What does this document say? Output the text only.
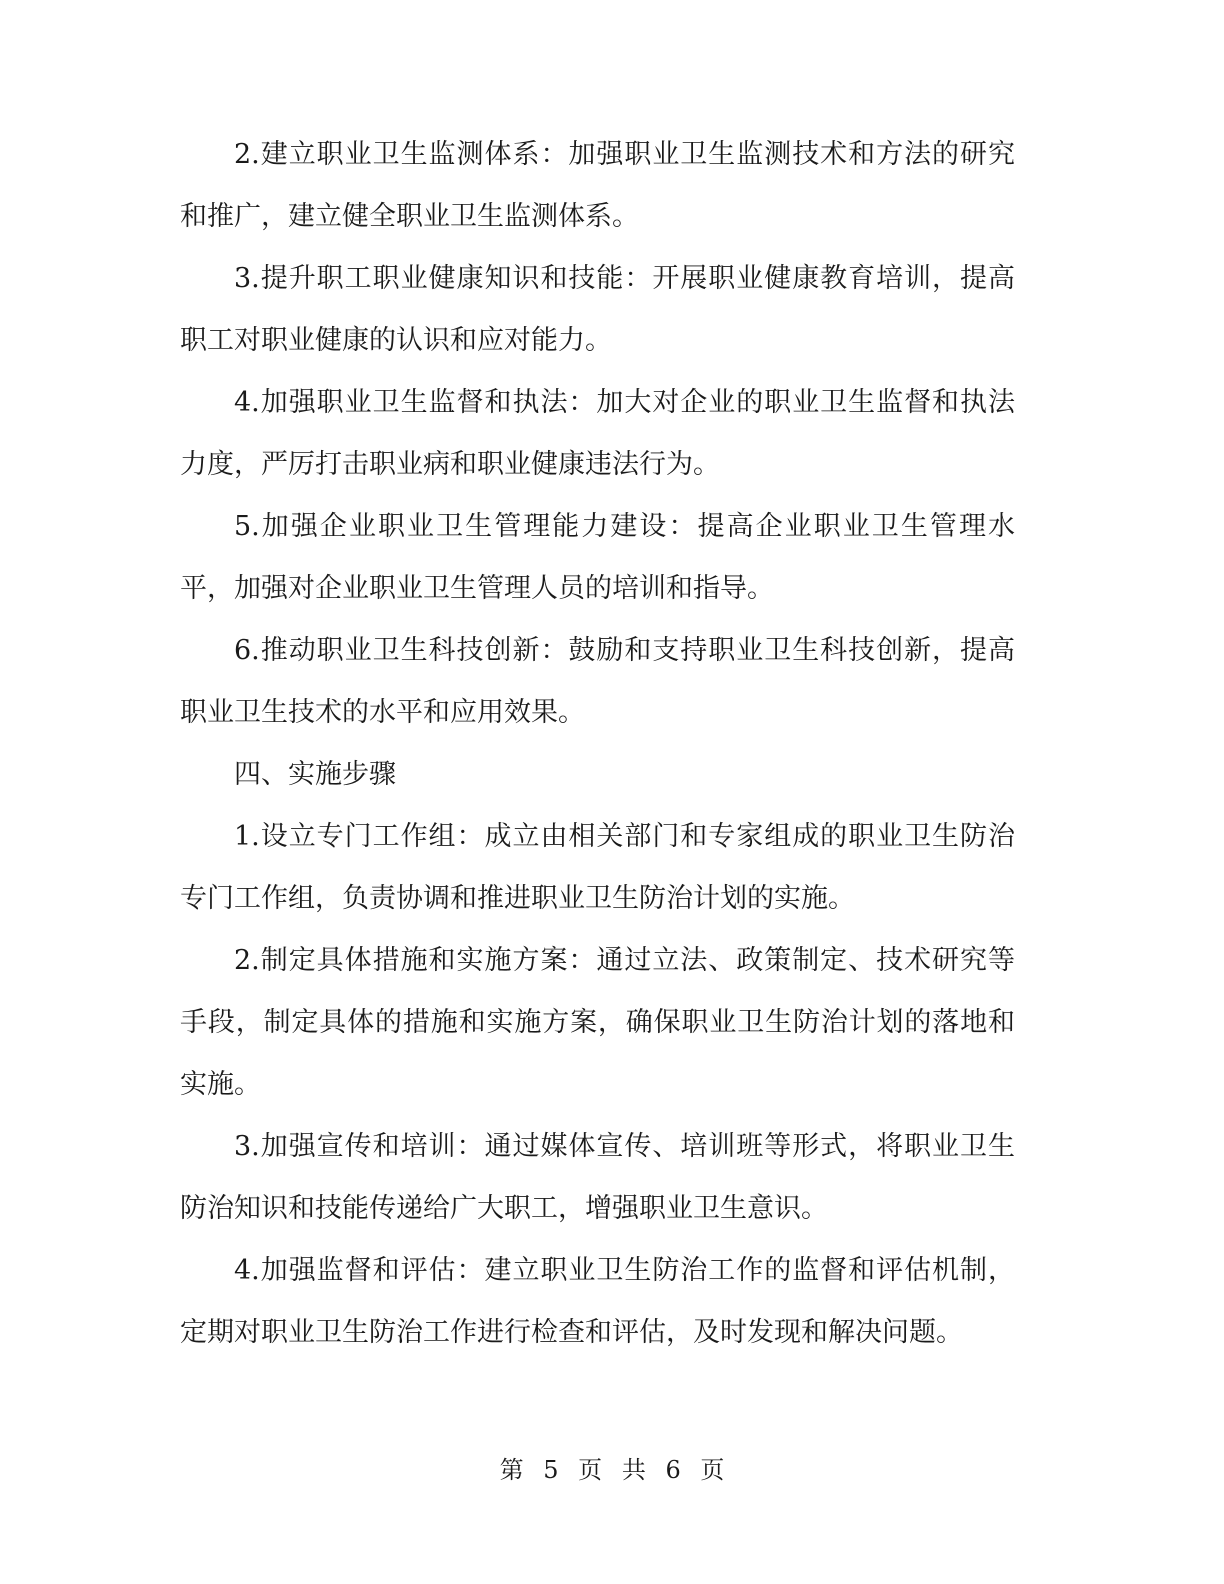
2.建立职业卫生监测体系：加强职业卫生监测技术和方法的研究和推广，建立健全职业卫生监测体系。

3.提升职工职业健康知识和技能：开展职业健康教育培训，提高职工对职业健康的认识和应对能力。

4.加强职业卫生监督和执法：加大对企业的职业卫生监督和执法力度，严厉打击职业病和职业健康违法行为。

5.加强企业职业卫生管理能力建设：提高企业职业卫生管理水平，加强对企业职业卫生管理人员的培训和指导。

6.推动职业卫生科技创新：鼓励和支持职业卫生科技创新，提高职业卫生技术的水平和应用效果。

四、实施步骤

1.设立专门工作组：成立由相关部门和专家组成的职业卫生防治专门工作组，负责协调和推进职业卫生防治计划的实施。

2.制定具体措施和实施方案：通过立法、政策制定、技术研究等手段，制定具体的措施和实施方案，确保职业卫生防治计划的落地和实施。

3.加强宣传和培训：通过媒体宣传、培训班等形式，将职业卫生防治知识和技能传递给广大职工，增强职业卫生意识。

4.加强监督和评估：建立职业卫生防治工作的监督和评估机制，定期对职业卫生防治工作进行检查和评估，及时发现和解决问题。

第 5 页 共 6 页
